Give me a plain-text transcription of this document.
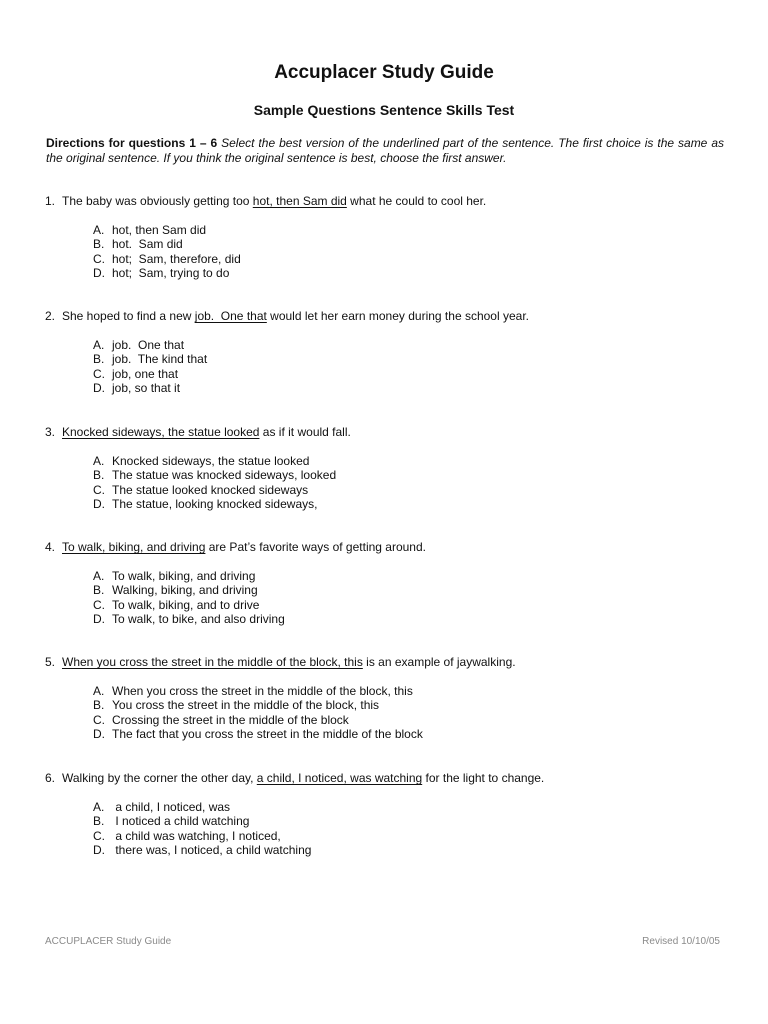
Accuplacer Study Guide
Sample Questions Sentence Skills Test
Directions for questions 1 – 6 Select the best version of the underlined part of the sentence. The first choice is the same as the original sentence. If you think the original sentence is best, choose the first answer.
1. The baby was obviously getting too hot, then Sam did what he could to cool her.
A. hot, then Sam did
B. hot.  Sam did
C. hot;  Sam, therefore, did
D. hot;  Sam, trying to do
2. She hoped to find a new job.  One that would let her earn money during the school year.
A. job.  One that
B. job.  The kind that
C. job, one that
D. job, so that it
3. Knocked sideways, the statue looked as if it would fall.
A. Knocked sideways, the statue looked
B. The statue was knocked sideways, looked
C. The statue looked knocked sideways
D. The statue, looking knocked sideways,
4. To walk, biking, and driving are Pat’s favorite ways of getting around.
A. To walk, biking, and driving
B. Walking, biking, and driving
C. To walk, biking, and to drive
D. To walk, to bike, and also driving
5. When you cross the street in the middle of the block, this is an example of jaywalking.
A. When you cross the street in the middle of the block, this
B. You cross the street in the middle of the block, this
C. Crossing the street in the middle of the block
D. The fact that you cross the street in the middle of the block
6. Walking by the corner the other day, a child, I noticed, was watching for the light to change.
A. a child, I noticed, was
B. I noticed a child watching
C. a child was watching, I noticed,
D. there was, I noticed, a child watching
ACCUPLACER Study Guide	Revised 10/10/05
